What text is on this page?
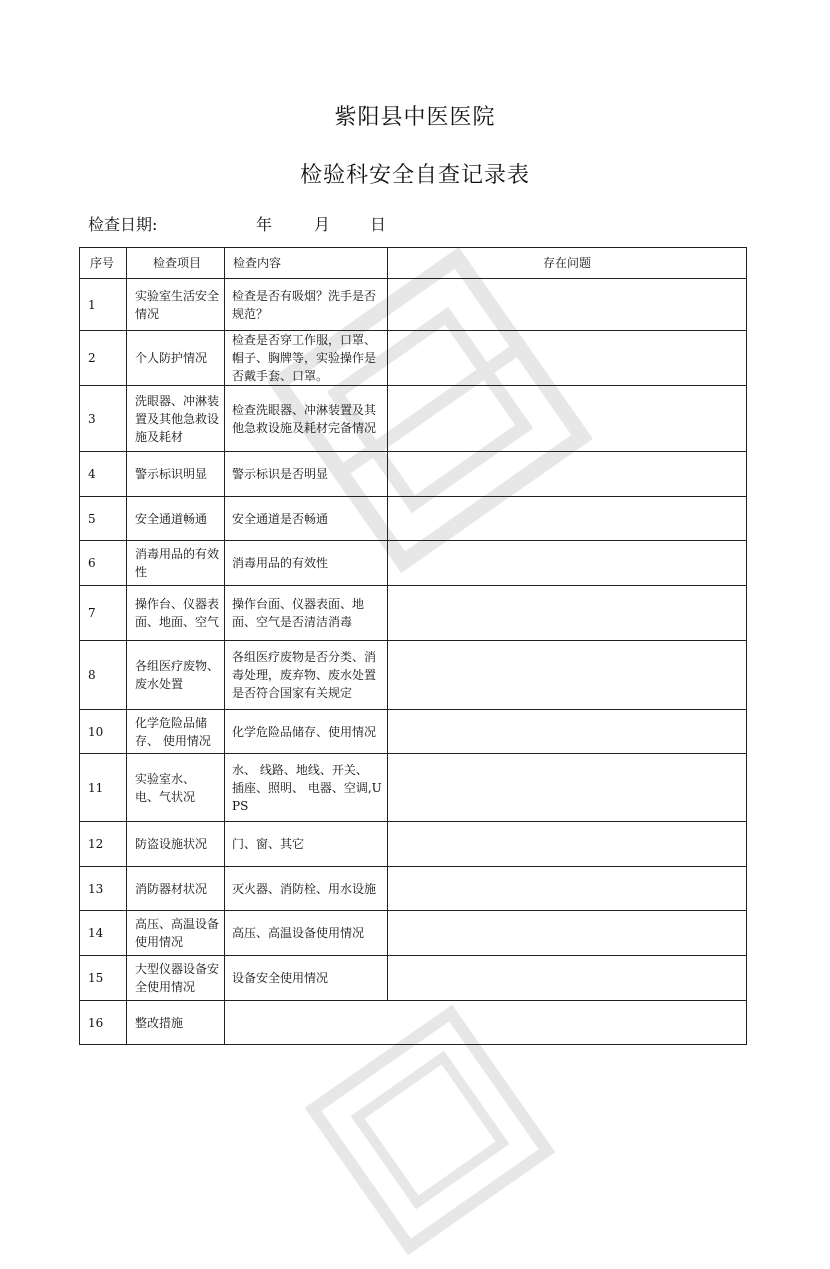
紫阳县中医医院
检验科安全自查记录表
检查日期:	年	月 日
序号	检查项目	检查内容	存在问题
1	实验室生活安全情况	检查是否有吸烟？洗手是否规范？	
2	个人防护情况	检查是否穿工作服，口罩、帽子、胸牌等，实验操作是否戴手套、口罩。	
3	洗眼器、冲淋装置及其他急救设施及耗材	检查洗眼器、冲淋装置及其他急救设施及耗材完备情况	
4	警示标识明显	警示标识是否明显	
5	安全通道畅通	安全通道是否畅通	
6	消毒用品的有效性	消毒用品的有效性	
7	操作台、仪器表面、地面、空气	操作台面、仪器表面、地面、空气是否清洁消毒	
8	各组医疗废物、废水处置	各组医疗废物是否分类、消毒处理，废弃物、废水处置是否符合国家有关规定	
10	化学危险品储存、 使用情况	化学危险品储存、使用情况	
11	实验室水、 电、气状况	水、 线路、地线、开关、 插座、照明、 电器、空调,UPS	
12	防盗设施状况	门、窗、其它	
13	消防器材状况	灭火器、消防栓、用水设施	
14	高压、高温设备使用情况	高压、高温设备使用情况	
15	大型仪器设备安全使用情况	设备安全使用情况	
16	整改措施		
